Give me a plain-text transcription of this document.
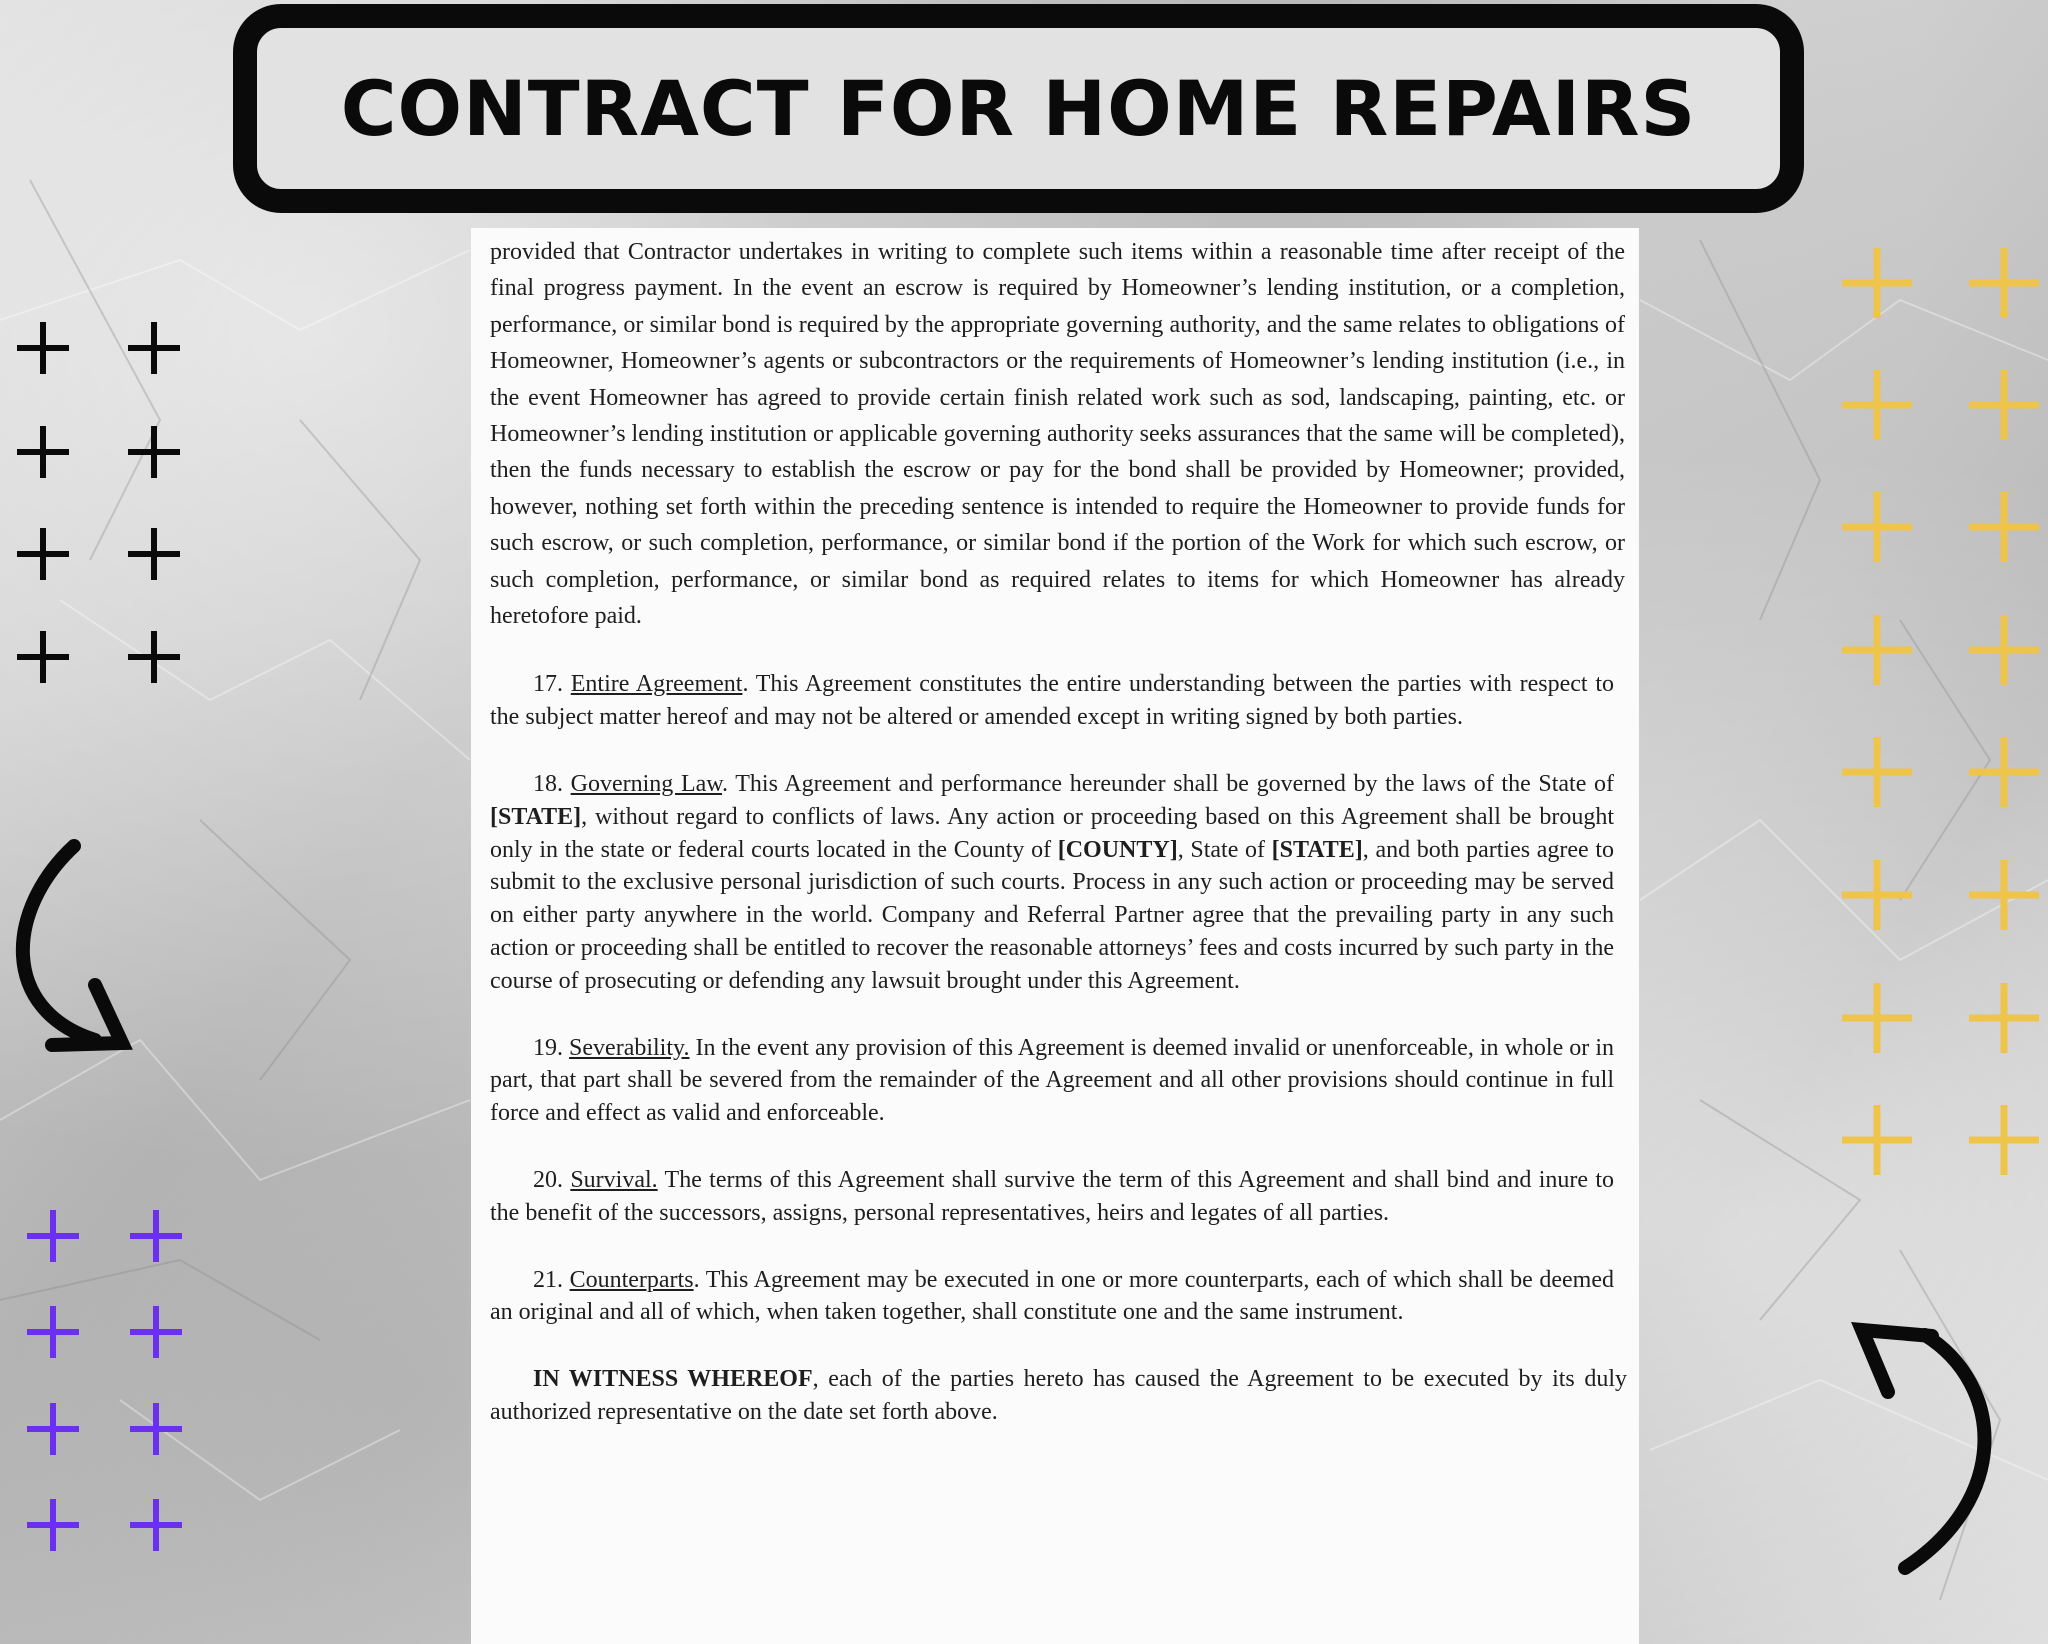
CONTRACT FOR HOME REPAIRS

provided that Contractor undertakes in writing to complete such items within a reasonable time after receipt of the final progress payment. In the event an escrow is required by Homeowner’s lending institution, or a completion, performance, or similar bond is required by the appropriate governing authority, and the same relates to obligations of Homeowner, Homeowner’s agents or subcontractors or the requirements of Homeowner’s lending institution (i.e., in the event Homeowner has agreed to provide certain finish related work such as sod, landscaping, painting, etc. or Homeowner’s lending institution or applicable governing authority seeks assurances that the same will be completed), then the funds necessary to establish the escrow or pay for the bond shall be provided by Homeowner; provided, however, nothing set forth within the preceding sentence is intended to require the Homeowner to provide funds for such escrow, or such completion, performance, or similar bond if the portion of the Work for which such escrow, or such completion, performance, or similar bond as required relates to items for which Homeowner has already heretofore paid.

17. Entire Agreement. This Agreement constitutes the entire understanding between the parties with respect to the subject matter hereof and may not be altered or amended except in writing signed by both parties.

18. Governing Law. This Agreement and performance hereunder shall be governed by the laws of the State of [STATE], without regard to conflicts of laws. Any action or proceeding based on this Agreement shall be brought only in the state or federal courts located in the County of [COUNTY], State of [STATE], and both parties agree to submit to the exclusive personal jurisdiction of such courts. Process in any such action or proceeding may be served on either party anywhere in the world. Company and Referral Partner agree that the prevailing party in any such action or proceeding shall be entitled to recover the reasonable attorneys’ fees and costs incurred by such party in the course of prosecuting or defending any lawsuit brought under this Agreement.

19. Severability. In the event any provision of this Agreement is deemed invalid or unenforceable, in whole or in part, that part shall be severed from the remainder of the Agreement and all other provisions should continue in full force and effect as valid and enforceable.

20. Survival. The terms of this Agreement shall survive the term of this Agreement and shall bind and inure to the benefit of the successors, assigns, personal representatives, heirs and legates of all parties.

21. Counterparts. This Agreement may be executed in one or more counterparts, each of which shall be deemed an original and all of which, when taken together, shall constitute one and the same instrument.

IN WITNESS WHEREOF, each of the parties hereto has caused the Agreement to be executed by its duly authorized representative on the date set forth above.
